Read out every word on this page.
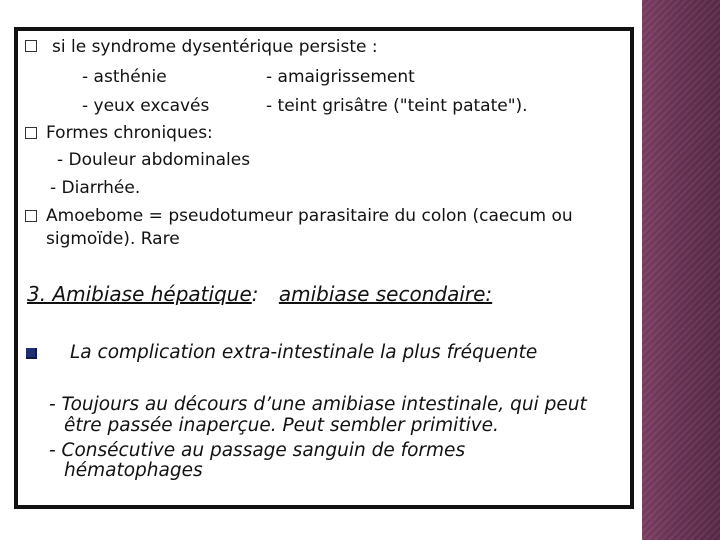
si le syndrome dysentérique persiste :
- asthénie	- amaigrissement
- yeux excavés	- teint grisâtre ("teint patate").
Formes chroniques:
- Douleur abdominales
- Diarrhée.
Amoebome = pseudotumeur parasitaire du colon (caecum ou
sigmoïde). Rare
3. Amibiase hépatique: amibiase secondaire:
La complication extra-intestinale la plus fréquente
- Toujours au décours d’une amibiase intestinale, qui peut
être passée inaperçue. Peut sembler primitive.
- Consécutive au passage sanguin de formes
hématophages
